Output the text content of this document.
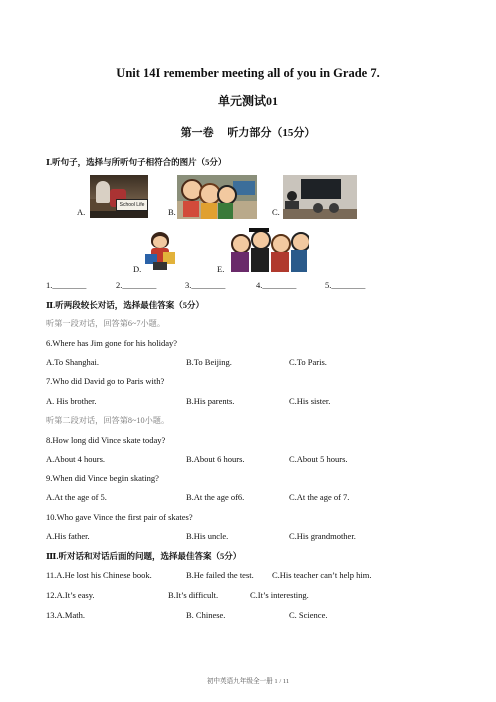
Unit 14I remember meeting all of you in Grade 7.
单元测试01
第一卷　 听力部分（15分）
Ⅰ.听句子，选择与所听句子相符合的图片（5分）
A.
School Life
B.	C.
D.	E.
1.________	2.________	3.________	4.________	5.________
Ⅱ.听两段较长对话，选择最佳答案（5分）
听第一段对话，回答第6~7小题。
6.Where has Jim gone for his holiday?
A.To Shanghai.	B.To Beijing.	C.To Paris.
7.Who did David go to Paris with?
A. His brother.	B.His parents.	C.His sister.
听第二段对话，回答第8~10小题。
8.How long did Vince skate today?
A.About 4 hours.	B.About 6 hours.	C.About 5 hours.
9.When did Vince begin skating?
A.At the age of 5.	B.At the age of6.	C.At the age of 7.
10.Who gave Vince the first pair of skates?
A.His father.	B.His uncle.	C.His grandmother.
Ⅲ.听对话和对话后面的问题，选择最佳答案（5分）
11.A.He lost his Chinese book.	B.He failed the test. C.His teacher can’t help him.
12.A.It’s easy.	B.It’s difficult.	C.It’s interesting.
13.A.Math.	B. Chinese.	C. Science.
初中英语九年级全一册 1 / 11
